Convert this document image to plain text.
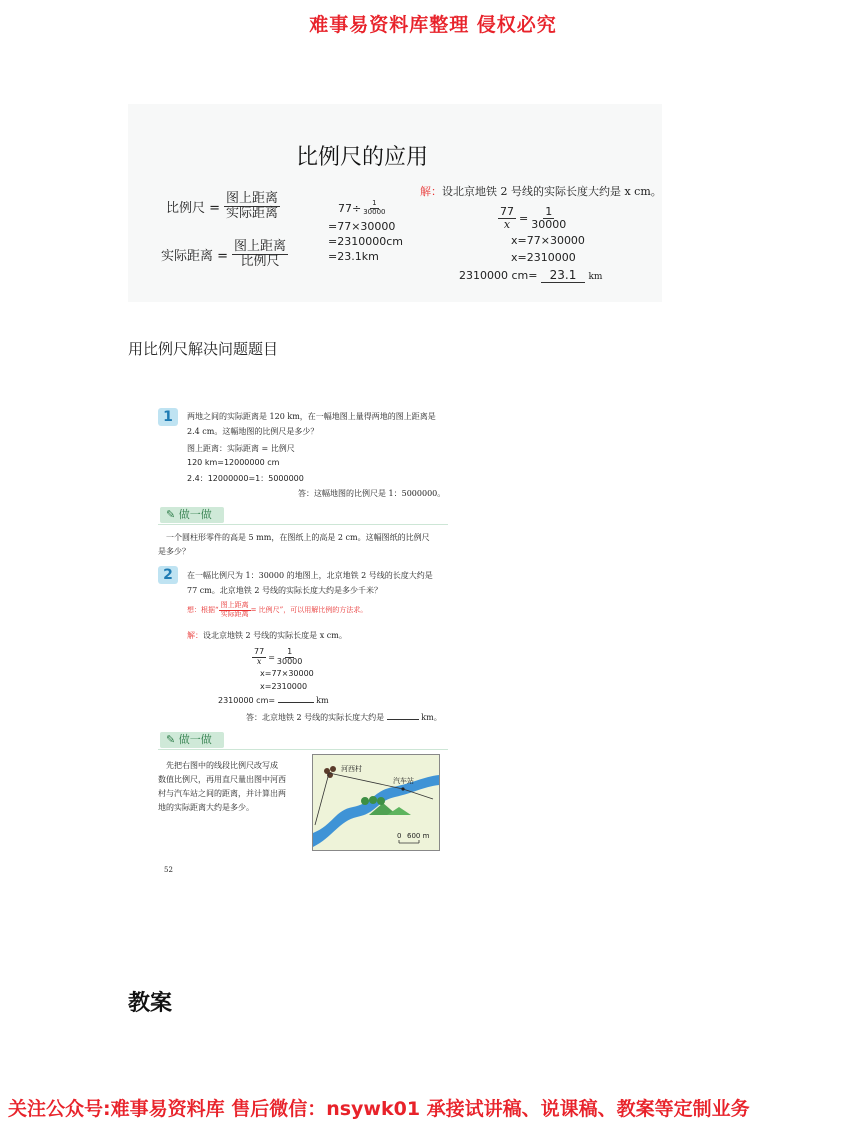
难事易资料库整理 侵权必究
比例尺的应用
比例尺 = $\frac{\text{图上距离}}{\text{实际距离}}$
实际距离 = $\frac{\text{图上距离}}{\text{比例尺}}$
$77\div \frac{1}{30000}$
=77×30000
=2310000cm
=23.1km
解：设北京地铁 2 号线的实际长度大约是 x cm。
$\frac{77}{x} = \frac{1}{30000}$
x=77×30000
x=2310000
2310000 cm= 23.1 km
用比例尺解决问题题目
1	两地之间的实际距离是 120 km，在一幅地图上量得两地的图上距离是
2.4 cm。这幅地图的比例尺是多少？
图上距离：实际距离 = 比例尺
120 km=12000000 cm
2.4：12000000=1：5000000
答：这幅地图的比例尺是 1：5000000。
✎ 做一做
一个圆柱形零件的高是 5 mm，在图纸上的高是 2 cm。这幅图纸的比例尺
是多少？
2	在一幅比例尺为 1：30000 的地图上，北京地铁 2 号线的长度大约是
77 cm。北京地铁 2 号线的实际长度大约是多少千米？
想：根据“ $\frac{\text{图上距离}}{\text{实际距离}}$ = 比例尺”，可以用解比例的方法求。
解：设北京地铁 2 号线的实际长度是 x cm。
$\frac{77}{x} = \frac{1}{30000}$
x=77×30000
x=2310000
2310000 cm=	km
答：北京地铁 2 号线的实际长度大约是	km。
✎ 做一做
先把右图中的线段比例尺改写成
数值比例尺，再用直尺量出图中河西
村与汽车站之间的距离，并计算出两
地的实际距离大约是多少。
河西村
汽车站
0 600 m
52
教案
关注公众号:难事易资料库 售后微信：nsywk01 承接试讲稿、说课稿、教案等定制业务
